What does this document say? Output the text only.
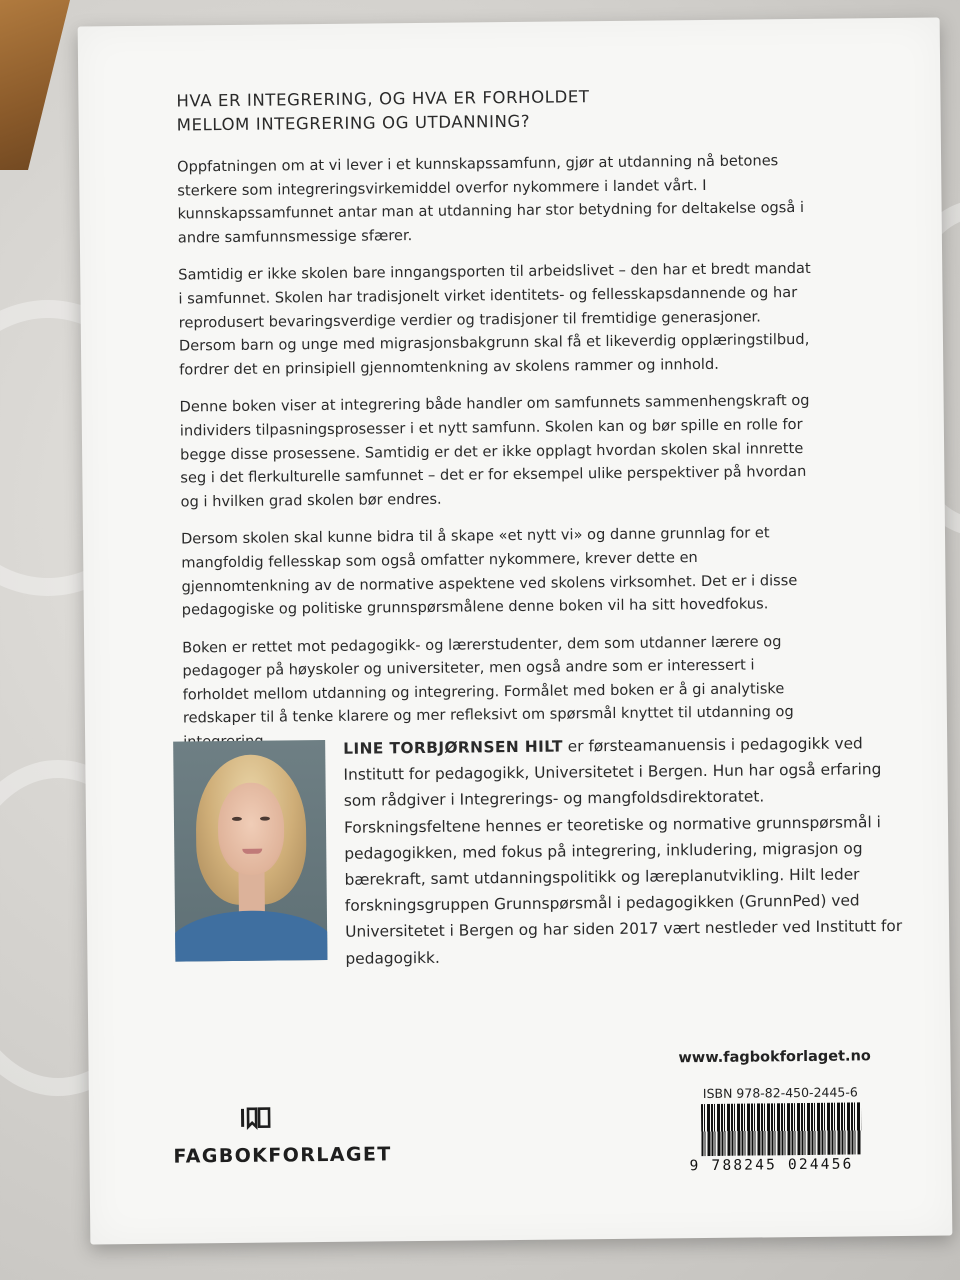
HVA ER INTEGRERING, OG HVA ER FORHOLDET
MELLOM INTEGRERING OG UTDANNING?

Oppfatningen om at vi lever i et kunnskapssamfunn, gjør at utdanning nå betones sterkere som integreringsvirkemiddel overfor nykommere i landet vårt. I kunnskapssamfunnet antar man at utdanning har stor betydning for deltakelse også i andre samfunnsmessige sfærer.

Samtidig er ikke skolen bare inngangsporten til arbeidslivet – den har et bredt mandat i samfunnet. Skolen har tradisjonelt virket identitets- og fellesskapsdannende og har reprodusert bevaringsverdige verdier og tradisjoner til fremtidige generasjoner. Dersom barn og unge med migrasjonsbakgrunn skal få et likeverdig opplæringstilbud, fordrer det en prinsipiell gjennomtenkning av skolens rammer og innhold.

Denne boken viser at integrering både handler om samfunnets sammenhengskraft og individers tilpasningsprosesser i et nytt samfunn. Skolen kan og bør spille en rolle for begge disse prosessene. Samtidig er det er ikke opplagt hvordan skolen skal innrette seg i det flerkulturelle samfunnet – det er for eksempel ulike perspektiver på hvordan og i hvilken grad skolen bør endres.

Dersom skolen skal kunne bidra til å skape «et nytt vi» og danne grunnlag for et mangfoldig fellesskap som også omfatter nykommere, krever dette en gjennomtenkning av de normative aspektene ved skolens virksomhet. Det er i disse pedagogiske og politiske grunnspørsmålene denne boken vil ha sitt hovedfokus.

Boken er rettet mot pedagogikk- og lærerstudenter, dem som utdanner lærere og pedagoger på høyskoler og universiteter, men også andre som er interessert i forholdet mellom utdanning og integrering. Formålet med boken er å gi analytiske redskaper til å tenke klarere og mer refleksivt om spørsmål knyttet til utdanning og

LINE TORBJØRNSEN HILT er førsteamanuensis i pedagogikk ved Institutt for pedagogikk, Universitetet i Bergen. Hun har også erfaring som rådgiver i Integrerings- og mangfoldsdirektoratet. Forskningsfeltene hennes er teoretiske og normative grunnspørsmål i pedagogikken, med fokus på integrering, inkludering, migrasjon og bærekraft, samt utdanningspolitikk og læreplanutvikling. Hilt leder forskningsgruppen Grunnspørsmål i pedagogikken (GrunnPed) ved Universitetet i Bergen og har siden 2017 vært nestleder ved Institutt for pedagogikk.

FAGBOKFORLAGET
www.fagbokforlaget.no
ISBN 978-82-450-2445-6
9 788245 024456
